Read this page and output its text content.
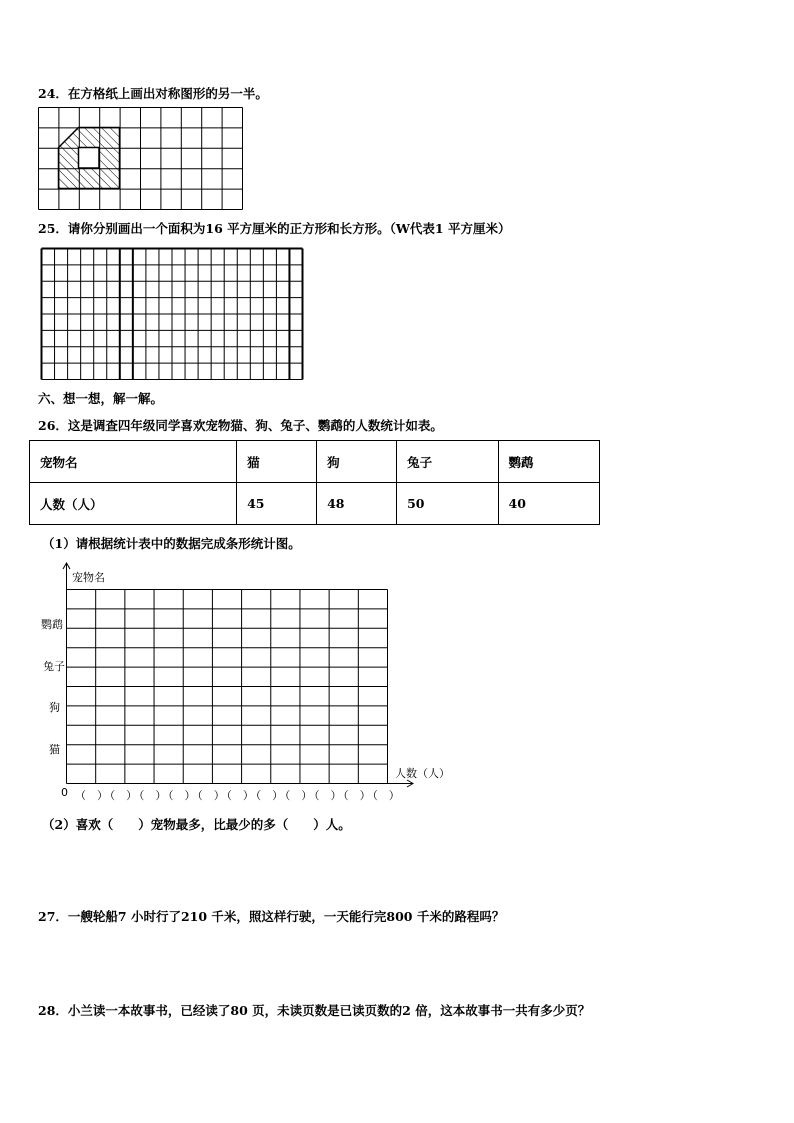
24．在方格纸上画出对称图形的另一半。
25．请你分别画出一个面积为16 平方厘米的正方形和长方形。（W代表1 平方厘米）
六、想一想，解一解。
26．这是调查四年级同学喜欢宠物猫、狗、兔子、鹦鹉的人数统计如表。
宠物名	猫	狗	兔子	鹦鹉
人数（人）	45	48	50	40
（1）请根据统计表中的数据完成条形统计图。
宠物名
鹦鹉
兔子
狗
猫
人数（人）
0 （　）
（　）
（　）
（　）
（　）
（　）
（　）
（　）
（　）
（　）
（　）
（2）喜欢（　　）宠物最多，比最少的多（　　）人。
27．一艘轮船7 小时行了210 千米，照这样行驶，一天能行完800 千米的路程吗？
28．小兰读一本故事书，已经读了80 页，未读页数是已读页数的2 倍，这本故事书一共有多少页？
